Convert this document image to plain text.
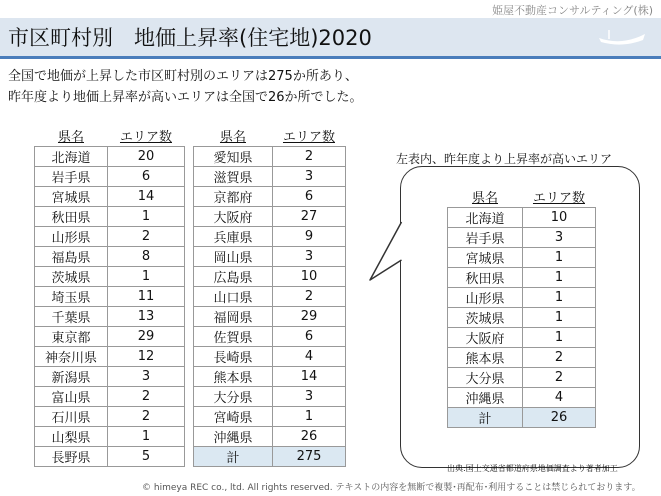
姫屋不動産コンサルティング(株)
市区町村別　地価上昇率(住宅地)2020
全国で地価が上昇した市区町村別のエリアは275か所あり、
昨年度より地価上昇率が高いエリアは全国で26か所でした。
県名	エリア数
北海道	20
岩手県	6
宮城県	14
秋田県	1
山形県	2
福島県	8
茨城県	1
埼玉県	11
千葉県	13
東京都	29
神奈川県	12
新潟県	3
富山県	2
石川県	2
山梨県	1
長野県	5
県名	エリア数
愛知県	2
滋賀県	3
京都府	6
大阪府	27
兵庫県	9
岡山県	3
広島県	10
山口県	2
福岡県	29
佐賀県	6
長崎県	4
熊本県	14
大分県	3
宮崎県	1
沖縄県	26
計	275
左表内、昨年度より上昇率が高いエリア
県名	エリア数
北海道	10
岩手県	3
宮城県	1
秋田県	1
山形県	1
茨城県	1
大阪府	1
熊本県	2
大分県	2
沖縄県	4
計	26
出典:国土交通省都道府県地価調査より著者加工
© himeya REC co., ltd. All rights reserved. テキストの内容を無断で複製･再配布･利用することは禁じられております。
